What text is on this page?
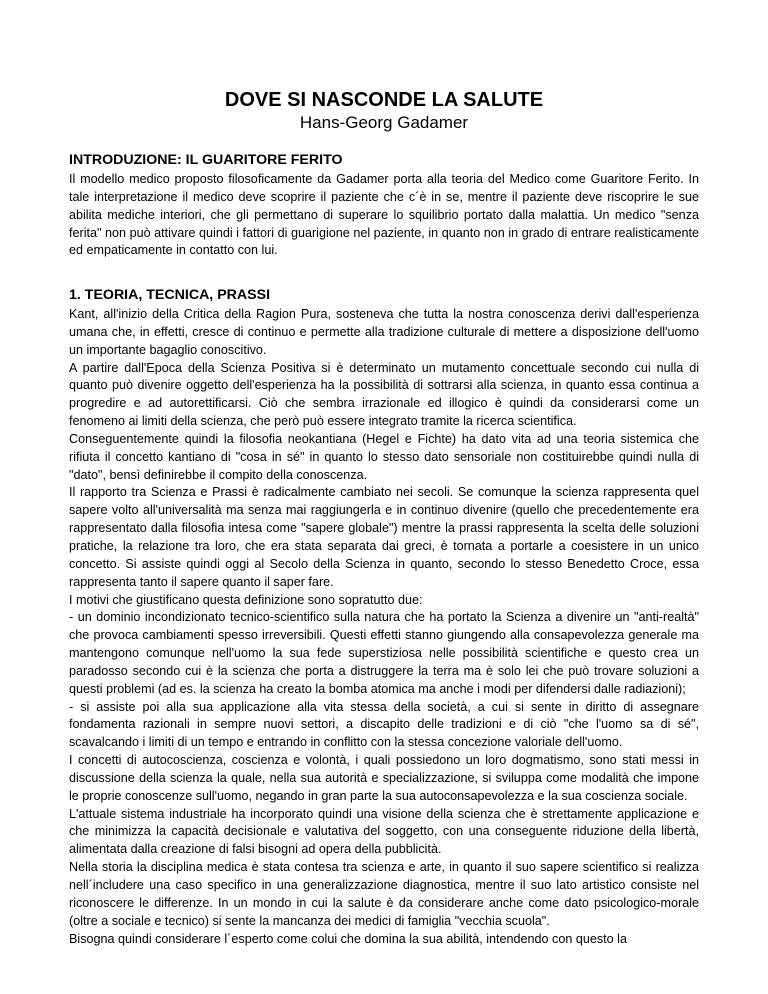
DOVE SI NASCONDE LA SALUTE
Hans-Georg Gadamer
INTRODUZIONE: IL GUARITORE FERITO

Il modello medico proposto filosoficamente da Gadamer porta alla teoria del Medico come Guaritore Ferito. In tale interpretazione il medico deve scoprire il paziente che c´è in se, mentre il paziente deve riscoprire le sue abilita mediche interiori, che gli permettano di superare lo squilibrio portato dalla malattia. Un medico "senza ferita" non può attivare quindi i fattori di guarigione nel paziente, in quanto non in grado di entrare realisticamente ed empaticamente in contatto con lui.

1. TEORIA, TECNICA, PRASSI

Kant, all'inizio della Critica della Ragion Pura, sosteneva che tutta la nostra conoscenza derivi dall'esperienza umana che, in effetti, cresce di continuo e permette alla tradizione culturale di mettere a disposizione dell'uomo un importante bagaglio conoscitivo.

A partire dall'Epoca della Scienza Positiva si è determinato un mutamento concettuale secondo cui nulla di quanto può divenire oggetto dell'esperienza ha la possibilità di sottrarsi alla scienza, in quanto essa continua a progredire e ad autorettificarsi. Ciò che sembra irrazionale ed illogico è quindi da considerarsi come un fenomeno ai limiti della scienza, che però può essere integrato tramite la ricerca scientifica.

Conseguentemente quindi la filosofia neokantiana (Hegel e Fichte) ha dato vita ad una teoria sistemica che rifiuta il concetto kantiano di "cosa in sé" in quanto lo stesso dato sensoriale non costituirebbe quindi nulla di "dato", bensì definirebbe il compito della conoscenza.

Il rapporto tra Scienza e Prassi è radicalmente cambiato nei secoli. Se comunque la scienza rappresenta quel sapere volto all'universalità ma senza mai raggiungerla e in continuo divenire (quello che precedentemente era rappresentato dalla filosofia intesa come "sapere globale") mentre la prassi rappresenta la scelta delle soluzioni pratiche, la relazione tra loro, che era stata separata dai greci, è tornata a portarle a coesistere in un unico concetto. Si assiste quindi oggi al Secolo della Scienza in quanto, secondo lo stesso Benedetto Croce, essa rappresenta tanto il sapere quanto il saper fare.

I motivi che giustificano questa definizione sono sopratutto due:

- un dominio incondizionato tecnico-scientifico sulla natura che ha portato la Scienza a divenire un "anti-realtà" che provoca cambiamenti spesso irreversibili. Questi effetti stanno giungendo alla consapevolezza generale ma mantengono comunque nell'uomo la sua fede superstiziosa nelle possibilità scientifiche e questo crea un paradosso secondo cui è la scienza che porta a distruggere la terra ma è solo lei che può trovare soluzioni a questi problemi (ad es. la scienza ha creato la bomba atomica ma anche i modi per difendersi dalle radiazioni);

- si assiste poi alla sua applicazione alla vita stessa della società, a cui si sente in diritto di assegnare fondamenta razionali in sempre nuovi settori, a discapito delle tradizioni e di ciò "che l'uomo sa di sé", scavalcando i limiti di un tempo e entrando in conflitto con la stessa concezione valoriale dell'uomo.

I concetti di autocoscienza, coscienza e volontà, i quali possiedono un loro dogmatismo, sono stati messi in discussione della scienza la quale, nella sua autorità e specializzazione, si sviluppa come modalità che impone le proprie conoscenze sull'uomo, negando in gran parte la sua autoconsapevolezza e la sua coscienza sociale.

L'attuale sistema industriale ha incorporato quindi una visione della scienza che è strettamente applicazione e che minimizza la capacità decisionale e valutativa del soggetto, con una conseguente riduzione della libertà, alimentata dalla creazione di falsi bisogni ad opera della pubblicità.

Nella storia la disciplina medica è stata contesa tra scienza e arte, in quanto il suo sapere scientifico si realizza nell´includere una caso specifico in una generalizzazione diagnostica, mentre il suo lato artistico consiste nel riconoscere le differenze. In un mondo in cui la salute è da considerare anche come dato psicologico-morale (oltre a sociale e tecnico) si sente la mancanza dei medici di famiglia "vecchia scuola".

Bisogna quindi considerare l´esperto come colui che domina la sua abilità, intendendo con questo la
